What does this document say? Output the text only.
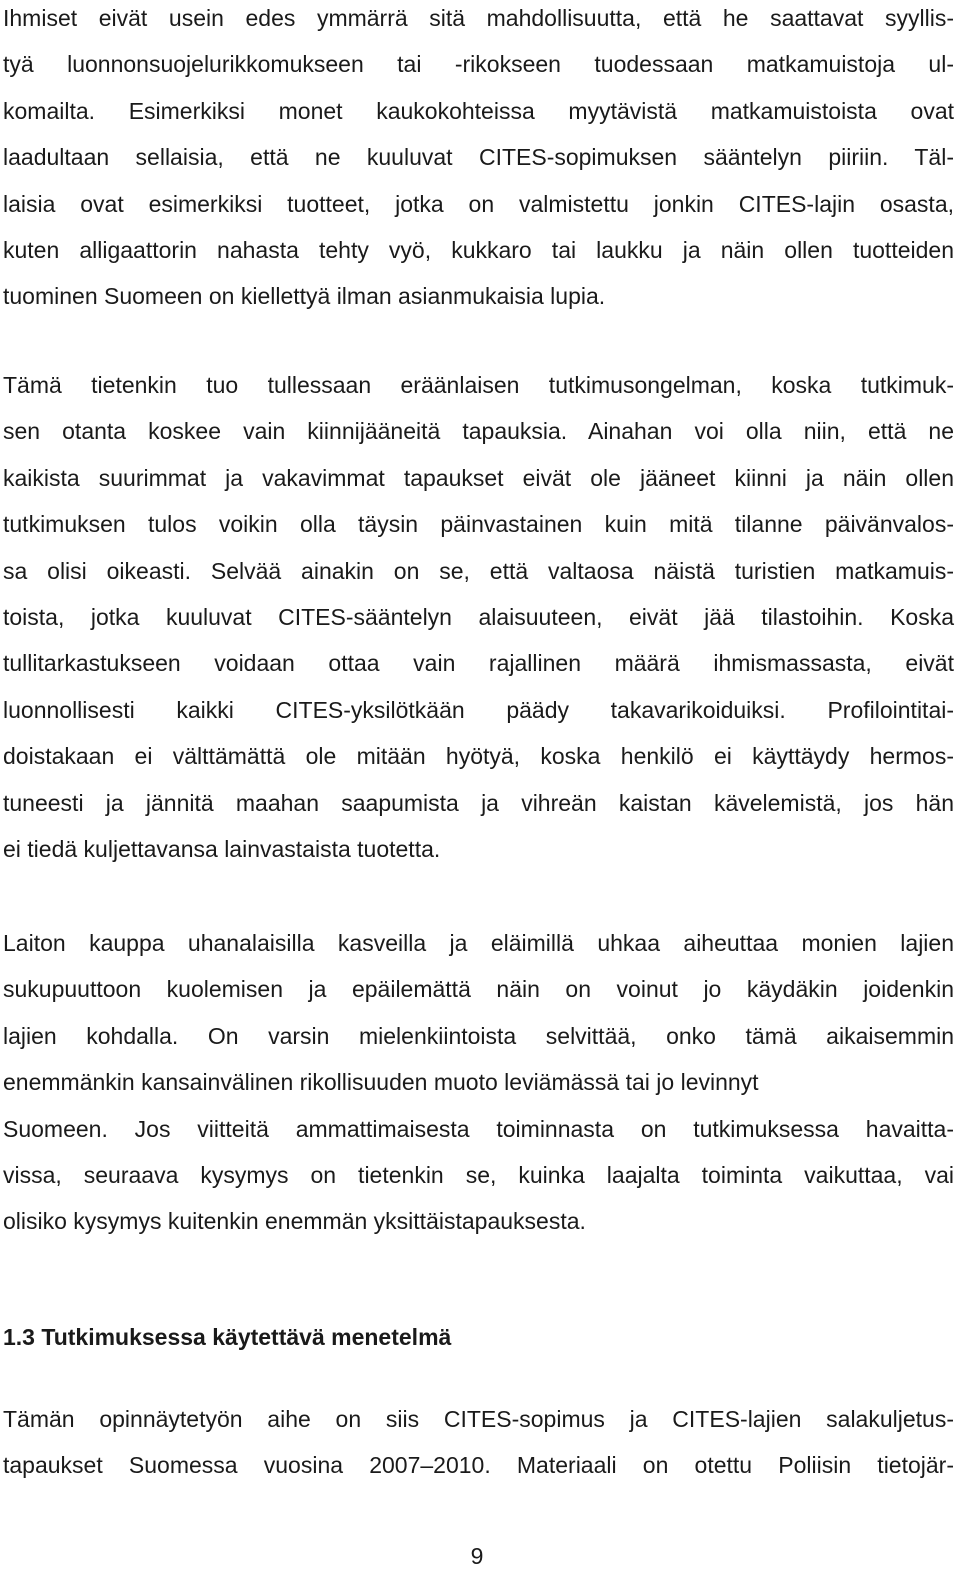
Ihmiset eivät usein edes ymmärrä sitä mahdollisuutta, että he saattavat syyllis-
tyä luonnonsuojelurikkomukseen tai -rikokseen tuodessaan matkamuistoja ul-
komailta. Esimerkiksi monet kaukokohteissa myytävistä matkamuistoista ovat
laadultaan sellaisia, että ne kuuluvat CITES-sopimuksen sääntelyn piiriin. Täl-
laisia ovat esimerkiksi tuotteet, jotka on valmistettu jonkin CITES-lajin osasta,
kuten alligaattorin nahasta tehty vyö, kukkaro tai laukku ja näin ollen tuotteiden
tuominen Suomeen on kiellettyä ilman asianmukaisia lupia.
Tämä tietenkin tuo tullessaan eräänlaisen tutkimusongelman, koska tutkimuk-
sen otanta koskee vain kiinnijääneitä tapauksia. Ainahan voi olla niin, että ne
kaikista suurimmat ja vakavimmat tapaukset eivät ole jääneet kiinni ja näin ollen
tutkimuksen tulos voikin olla täysin päinvastainen kuin mitä tilanne päivänvalos-
sa olisi oikeasti. Selvää ainakin on se, että valtaosa näistä turistien matkamuis-
toista, jotka kuuluvat CITES-sääntelyn alaisuuteen, eivät jää tilastoihin. Koska
tullitarkastukseen voidaan ottaa vain rajallinen määrä ihmismassasta, eivät
luonnollisesti kaikki CITES-yksilötkään päädy takavarikoiduiksi. Profilointitai-
doistakaan ei välttämättä ole mitään hyötyä, koska henkilö ei käyttäydy hermos-
tuneesti ja jännitä maahan saapumista ja vihreän kaistan kävelemistä, jos hän
ei tiedä kuljettavansa lainvastaista tuotetta.
Laiton kauppa uhanalaisilla kasveilla ja eläimillä uhkaa aiheuttaa monien lajien
sukupuuttoon kuolemisen ja epäilemättä näin on voinut jo käydäkin joidenkin
lajien kohdalla. On varsin mielenkiintoista selvittää, onko tämä aikaisemmin
enemmänkin kansainvälinen rikollisuuden muoto leviämässä tai jo levinnyt
Suomeen. Jos viitteitä ammattimaisesta toiminnasta on tutkimuksessa havaitta-
vissa, seuraava kysymys on tietenkin se, kuinka laajalta toiminta vaikuttaa, vai
olisiko kysymys kuitenkin enemmän yksittäistapauksesta.
1.3 Tutkimuksessa käytettävä menetelmä
Tämän opinnäytetyön aihe on siis CITES-sopimus ja CITES-lajien salakuljetus-
tapaukset Suomessa vuosina 2007–2010. Materiaali on otettu Poliisin tietojär-
9
